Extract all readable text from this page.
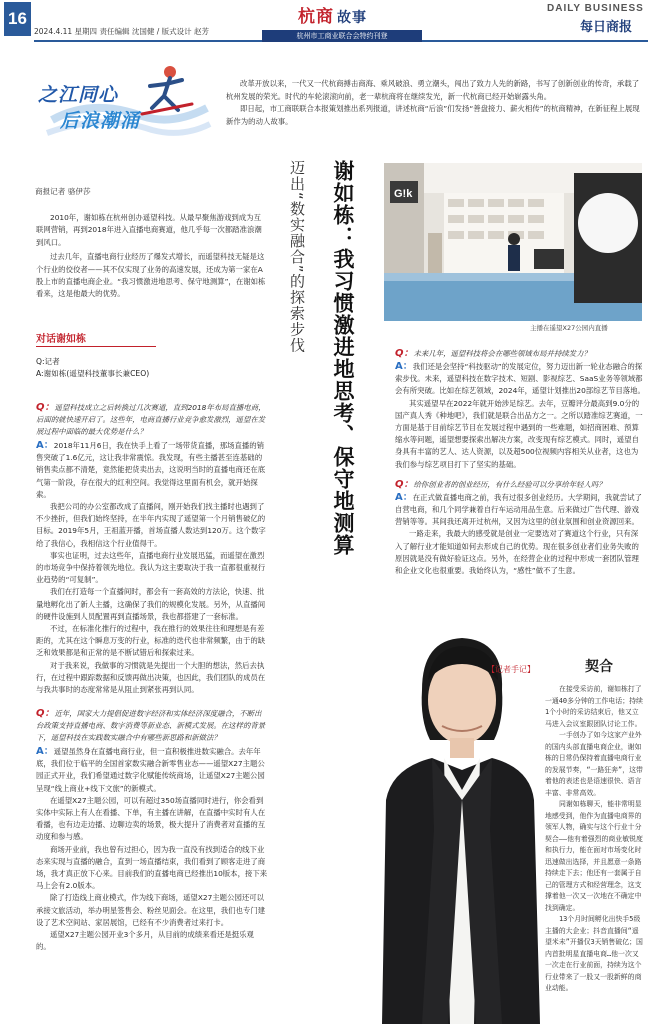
16
2024.4.11 星期四 责任编辑 沈国健 / 版式设计 赵芳
杭商 故事
杭州市工商业联合会特约刊登
DAILY BUSINESS
每日商报
之江同心
后浪潮涌

改革开放以来，一代又一代杭商搏击商海、乘风破浪、勇立潮头，闯出了致力人先的新路，书写了创新创业的传奇，承载了杭州发展的荣光。时代的车轮滚滚向前，老一辈杭商将在继续发光，新一代杭商已经开始崭露头角。

即日起，市工商联联合本报策划推出系列报道，讲述杭商“后浪”们发扬“善盘接力、薪火相传”的杭商精神，在新征程上展现新作为的动人故事。

商报记者 骆伊莎

2010年，谢如栋在杭州创办遥望科技。从最早聚焦游戏到成为互联网营销，再到2018年进入直播电商赛道，他几乎每一次都踏准浪潮到风口。

过去几年，直播电商行业经历了爆发式增长，而遥望科技无疑是这个行业的佼佼者——其不仅实现了业务的高速发展，还成为第一家在A股上市的直播电商企业。“我习惯激进地思考、保守地测算”，在谢如栋看来，这是他最大的优势。

对话谢如栋
Q:记者
A:谢如栋(遥望科技董事长兼CEO)
Q：遥望科技成立之后转换过几次赛道，直到2018年布局直播电商，后面的就快速开启了。这些年，电商直播行业竞争愈发激烈，遥望在发展过程中面临的最大优势是什么？

A：2018年11月6日，我在快手上看了一场带货直播，那场直播的销售突破了1.6亿元，这让我非常震惊。我发现，有些主播甚至连基础的销售卖点都不清楚，竟然能把货卖出去，这说明当时的直播电商还在底气第一阶段，存在很大的红利空间。我觉得这里面有机会，就开始探索。

我把公司的办公室都改成了直播间，刚开始我们找主播时也遇到了不少挫折，但我们始终坚持，在半年内实现了遥望第一个月销售破亿的目标。2019年5月，王祖蓝开播，首场直播人数达到120万。这个数字给了我信心，我相信这个行业值得干。

事实也证明，过去这些年，直播电商行业发展迅猛，而遥望在激烈的市场竞争中保持着领先地位。我认为这主要取决于我一直都很重视行业趋势的“可复制”。

我们在打造每一个直播间时，都会有一套高效的方法论，快速、批量地孵化出了新人主播，这确保了我们的规模化发展。另外，从直播间的硬件设施到人员配置再到直播场景，我也都搭建了一套标准。

不过，在标准化推行的过程中，我在推行的效果往往和理想是有差距的，尤其在这个瞬息万变的行业，标准的迭代也非常频繁，由于的缺乏和效果都是和正常的是不断试错后和探索过来。

对于我来说，我做事的习惯就是先提出一个大胆的想法，然后去执行，在过程中跟踪数据和反馈再做出决策，也因此，我们团队的成员在与我共事时的态度常常是从阻止到紧张再到认同。

Q：近年，国家大力提倡促进数字经济和实体经济深度融合，不断出台政策支持直播电商、数字消费等新业态、新模式发展。在这样的背景下，遥望科技在实践数实融合中有哪些新思路和新做法？

A：遥望虽然身在直播电商行业，但一直积极推进数实融合。去年年底，我们位于临平的全国首家数实融合新零售业态——遥望X27主题公园正式开业，我们希望通过数字化赋能传统商场，让遥望X27主题公园呈现“线上商业+线下文旅”的新模式。

在遥望X27主题公园，可以有超过350场直播同时进行，你会看到实体中实际上有人在看播、下单，有主播在讲解，在直播中实时有人在看播，也有边走边播、边聊边卖的场景，极大提升了消费者对直播的互动度和参与感。

商场开业前，我也曾有过担心，因为我一直没有找到适合的线下业态来实现与直播的融合，直到一场直播结束，我们看到了顾客走进了商场，我才真正放下心来。目前我们的直播电商已经推出10版本，接下来马上会有2.0版本。

除了打造线上商业模式，作为线下商场，遥望X27主题公园还可以承接文旅活动，举办明星签售会、粉丝见面会。在这里，我们也专门建设了艺术空间站、家居展馆，已经有不少消费者过来打卡。

遥望X27主题公园开业3个多月，从目前的成绩来看还是挺乐观的。

谢如栋：我习惯激进地思考、保守地测算
迈出“数实融合”的探索步伐	G!k
主播在遥望X27公园内直播
Q：未来几年，遥望科技将会在哪些领域布局并持续发力？

A：我们还是会坚持“科技驱动”的发展定位，努力迈出新一轮业态融合的探索步伐。未来，遥望科技在数字技术、短剧、影视综艺、SaaS业务等领域都会有所突破。比如在综艺领域，2024年，遥望计划推出20部综艺节目落地。

其实遥望早在2022年就开始涉足综艺。去年，豆瓣评分最高到9.0分的国产真人秀《种地吧》，我们就是联合出品方之一。之所以踏准综艺赛道，一方面是基于目前综艺节目在发展过程中遇到的一些难题，如招商困难、预算缩水等问题，遥望想要探索出解决方案，改变现有综艺模式。同时，遥望自身具有丰富的艺人、达人资源，以及超500位视频内容相关从业者，这也为我们参与综艺项目打下了坚实的基础。

Q：给你创业者的创业经历，有什么经验可以分享给年轻人吗？

A：在正式做直播电商之前，我有过很多创业经历。大学期间，我就尝试了自营电商，和几个同学兼着自行车运动用品生意。后来做过广告代理、游戏营销等等。其间我还离开过杭州，又因为这里的创业氛围和创业资源回来。

一路走来，我最大的感受就是创业一定要选对了赛道这个行业，只有深入了解行业才能知道如何去形成自己的优势。现在很多创业者们业务失败的原因就是没有做好验证这点。另外，在经营企业的过程中形成一套团队管理和企业文化也很重要。我始终认为，“感性”做不了生意。

【记者手记】	契合

在接受采访前，谢如栋打了一通40多分钟的工作电话；持续1个小时的采访结束后，他又立马进入会议室跟团队讨论工作。

一手创办了如今这家产业外的国内头部直播电商企业，谢如栋的日常仍保持着直播电商行业的发展节奏，“一路狂奔”，这带着他的表述也是语速很快、语言丰富、非常高效。

同谢如栋聊天，能非常明显地感受到，他作为直播电商界的领军人物，确实与这个行业十分契合——他有着强烈的商业敏锐度和执行力，能在面对市场变化时迅速做出选择，并且愿意一条路持续走下去；他还有一套属于自己的管理方式和经营理念，这支撑着他一次又一次地在不确定中找到确定。

13个月时间孵化出快手5级主播的大企业；抖音直播间“遥望米未”开播仅3天销售破亿；国内首批明星直播电商…他一次又一次走在行业前面，持续为这个行业带来了一股又一股新鲜的商业动能。
